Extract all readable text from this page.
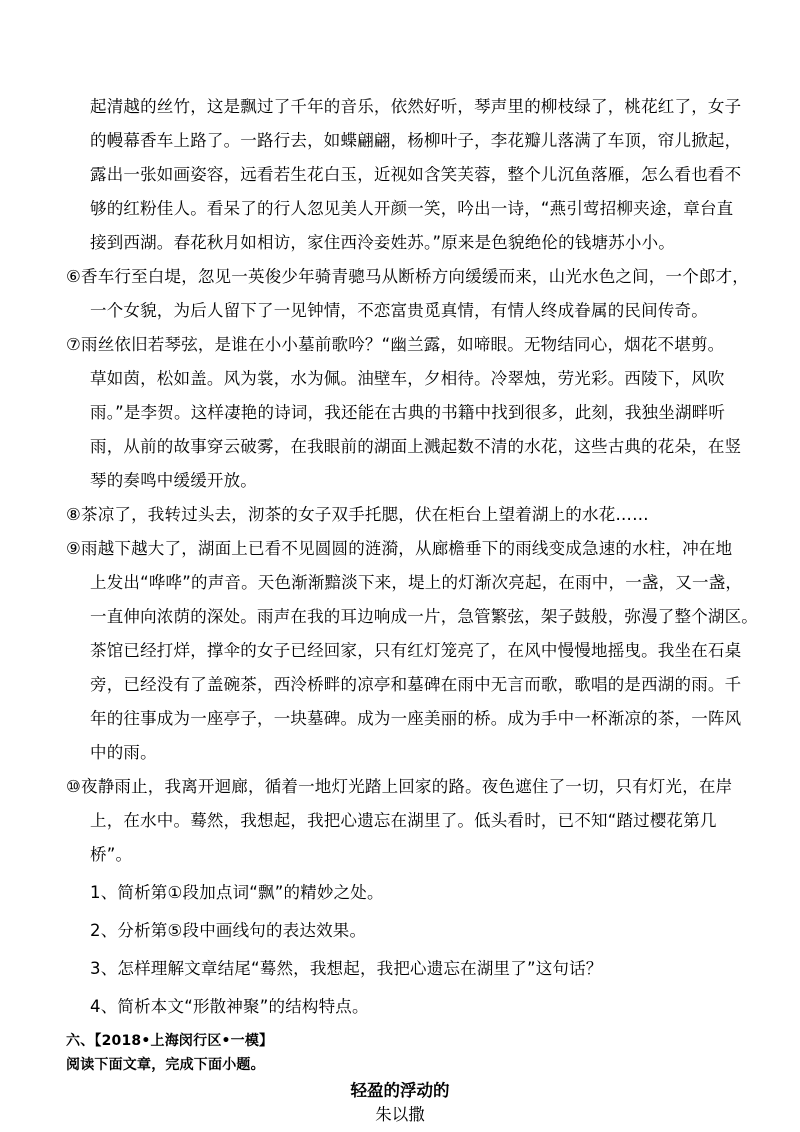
起清越的丝竹，这是飘过了千年的音乐，依然好听，琴声里的柳枝绿了，桃花红了，女子
的幔幕香车上路了。一路行去，如蝶翩翩，杨柳叶子，李花瓣儿落满了车顶，帘儿掀起，
露出一张如画姿容，远看若生花白玉，近视如含笑芙蓉，整个儿沉鱼落雁，怎么看也看不
够的红粉佳人。看呆了的行人忽见美人开颜一笑，吟出一诗，“燕引莺招柳夹途，章台直
接到西湖。春花秋月如相访，家住西泠妾姓苏。”原来是色貌绝伦的钱塘苏小小。
⑥香车行至白堤，忽见一英俊少年骑青骢马从断桥方向缓缓而来，山光水色之间，一个郎才，
一个女貌，为后人留下了一见钟情，不恋富贵觅真情，有情人终成眷属的民间传奇。
⑦雨丝依旧若琴弦，是谁在小小墓前歌吟？“幽兰露，如啼眼。无物结同心，烟花不堪剪。
草如茵，松如盖。风为裳，水为佩。油壁车，夕相待。冷翠烛，劳光彩。西陵下，风吹
雨。”是李贺。这样凄艳的诗词，我还能在古典的书籍中找到很多，此刻，我独坐湖畔听
雨，从前的故事穿云破雾，在我眼前的湖面上溅起数不清的水花，这些古典的花朵，在竖
琴的奏鸣中缓缓开放。
⑧茶凉了，我转过头去，沏茶的女子双手托腮，伏在柜台上望着湖上的水花……
⑨雨越下越大了，湖面上已看不见圆圆的涟漪，从廊檐垂下的雨线变成急速的水柱，冲在地
上发出“哗哗”的声音。天色渐渐黯淡下来，堤上的灯渐次亮起，在雨中，一盏，又一盏，
一直伸向浓荫的深处。雨声在我的耳边响成一片，急管繁弦，架子鼓般，弥漫了整个湖区。
茶馆已经打烊，撑伞的女子已经回家，只有红灯笼亮了，在风中慢慢地摇曳。我坐在石桌
旁，已经没有了盖碗茶，西泠桥畔的凉亭和墓碑在雨中无言而歌，歌唱的是西湖的雨。千
年的往事成为一座亭子，一块墓碑。成为一座美丽的桥。成为手中一杯渐凉的茶，一阵风
中的雨。
⑩夜静雨止，我离开迴廊，循着一地灯光踏上回家的路。夜色遮住了一切，只有灯光，在岸
上，在水中。蓦然，我想起，我把心遗忘在湖里了。低头看时，已不知“踏过樱花第几
桥”。
1、简析第①段加点词“飘”的精妙之处。
2、分析第⑤段中画线句的表达效果。
3、怎样理解文章结尾“蓦然，我想起，我把心遗忘在湖里了”这句话？
4、简析本文“形散神聚”的结构特点。
六、【2018•上海闵行区•一模】
阅读下面文章，完成下面小题。
轻盈的浮动的
朱以撒
